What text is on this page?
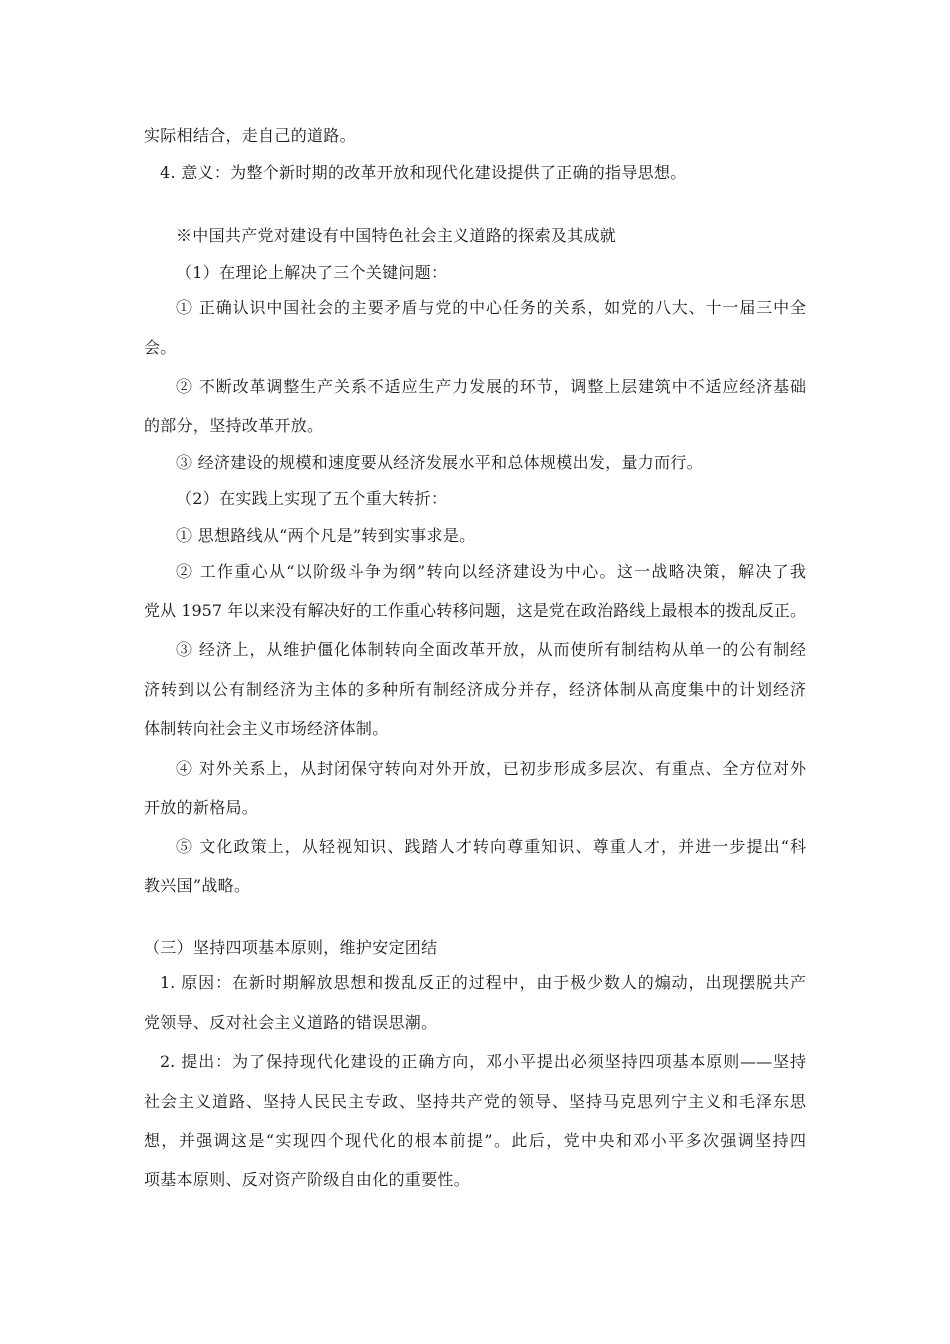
实际相结合，走自己的道路。
4. 意义：为整个新时期的改革开放和现代化建设提供了正确的指导思想。
※中国共产党对建设有中国特色社会主义道路的探索及其成就
（1）在理论上解决了三个关键问题：
① 正确认识中国社会的主要矛盾与党的中心任务的关系，如党的八大、十一届三中全
会。
② 不断改革调整生产关系不适应生产力发展的环节，调整上层建筑中不适应经济基础
的部分，坚持改革开放。
③ 经济建设的规模和速度要从经济发展水平和总体规模出发，量力而行。
（2）在实践上实现了五个重大转折：
① 思想路线从“两个凡是”转到实事求是。
② 工作重心从“以阶级斗争为纲”转向以经济建设为中心。这一战略决策，解决了我
党从 1957 年以来没有解决好的工作重心转移问题，这是党在政治路线上最根本的拨乱反正。
③ 经济上，从维护僵化体制转向全面改革开放，从而使所有制结构从单一的公有制经
济转到以公有制经济为主体的多种所有制经济成分并存，经济体制从高度集中的计划经济
体制转向社会主义市场经济体制。
④ 对外关系上，从封闭保守转向对外开放，已初步形成多层次、有重点、全方位对外
开放的新格局。
⑤ 文化政策上，从轻视知识、践踏人才转向尊重知识、尊重人才，并进一步提出“科
教兴国”战略。
（三）坚持四项基本原则，维护安定团结
1. 原因：在新时期解放思想和拨乱反正的过程中，由于极少数人的煽动，出现摆脱共产
党领导、反对社会主义道路的错误思潮。
2. 提出：为了保持现代化建设的正确方向，邓小平提出必须坚持四项基本原则——坚持
社会主义道路、坚持人民民主专政、坚持共产党的领导、坚持马克思列宁主义和毛泽东思
想，并强调这是“实现四个现代化的根本前提”。此后，党中央和邓小平多次强调坚持四
项基本原则、反对资产阶级自由化的重要性。
